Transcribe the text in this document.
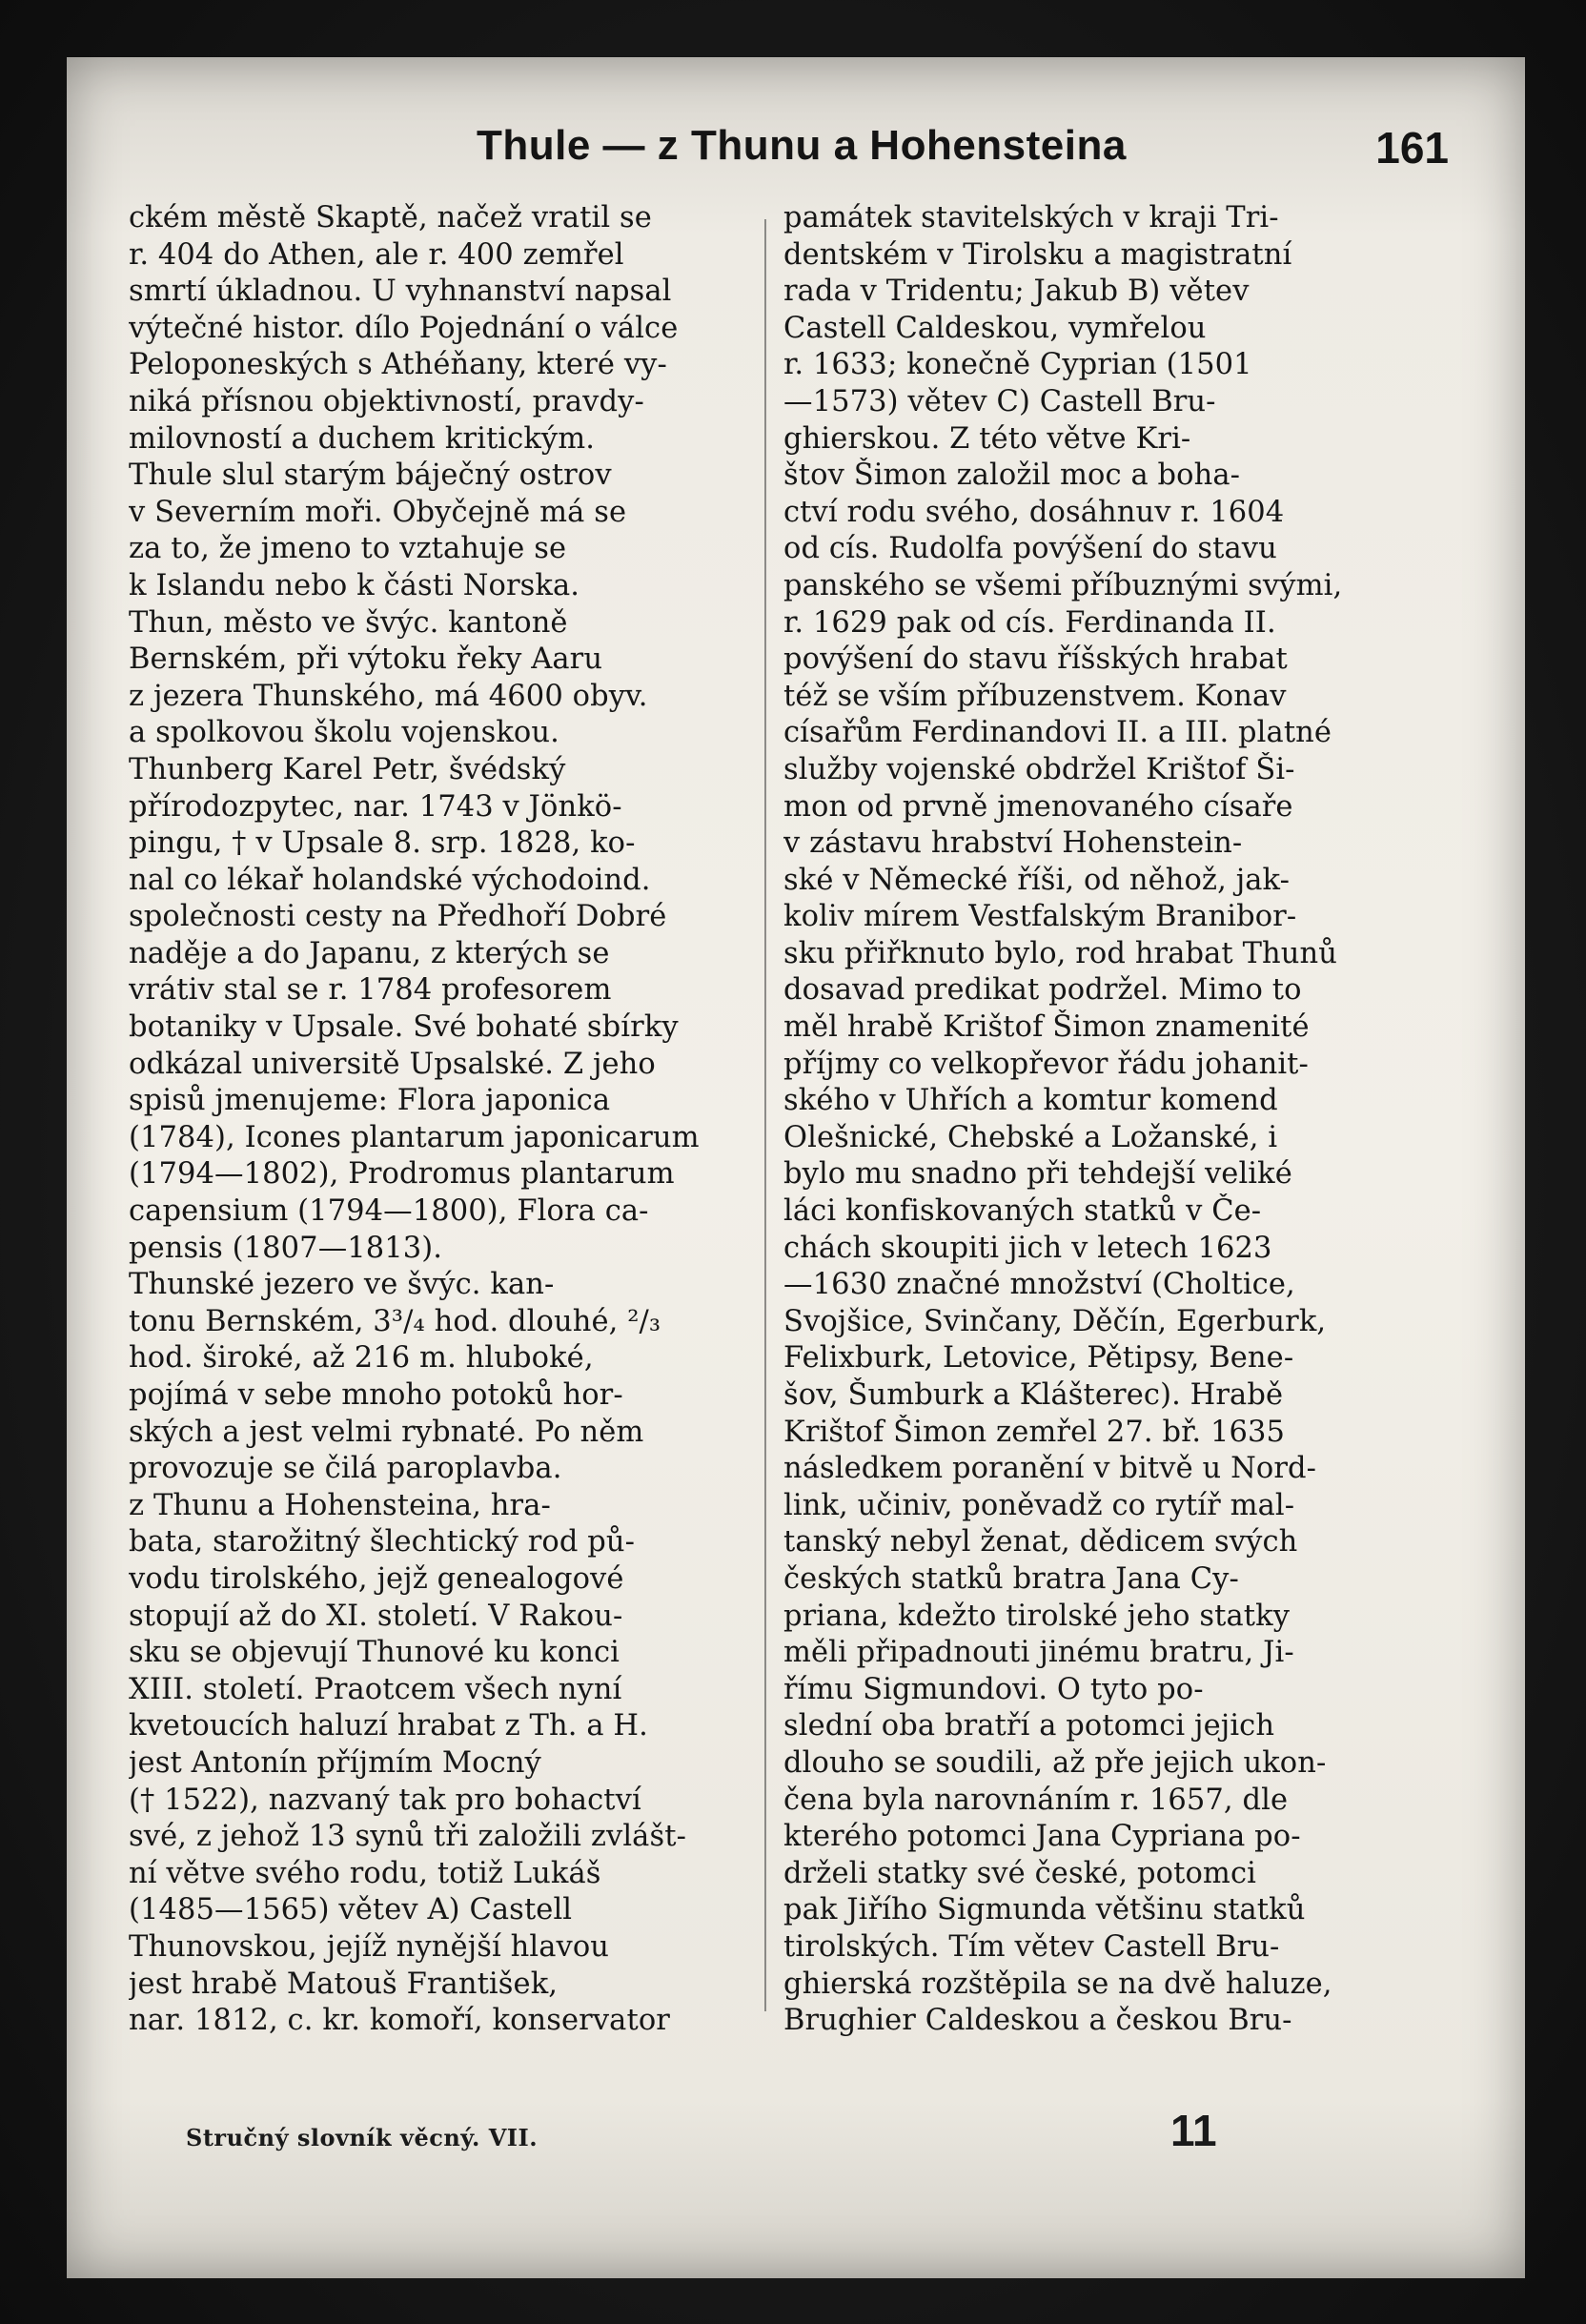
Thule — z Thunu a Hohensteina	161
ckém městě Skaptě, načež vratil se
r. 404 do Athen, ale r. 400 zemřel
smrtí úkladnou. U vyhnanství napsal
výtečné histor. dílo Pojednání o válce
Peloponeských s Athéňany, které vy-
niká přísnou objektivností, pravdy-
milovností a duchem kritickým.
Thule slul starým báječný ostrov
v Severním moři. Obyčejně má se
za to, že jmeno to vztahuje se
k Islandu nebo k části Norska.
Thun, město ve švýc. kantoně
Bernském, při výtoku řeky Aaru
z jezera Thunského, má 4600 obyv.
a spolkovou školu vojenskou.
Thunberg Karel Petr, švédský
přírodozpytec, nar. 1743 v Jönkö-
pingu, † v Upsale 8. srp. 1828, ko-
nal co lékař holandské východoind.
společnosti cesty na Předhoří Dobré
naděje a do Japanu, z kterých se
vrátiv stal se r. 1784 profesorem
botaniky v Upsale. Své bohaté sbírky
odkázal universitě Upsalské. Z jeho
spisů jmenujeme: Flora japonica
(1784), Icones plantarum japonicarum
(1794—1802), Prodromus plantarum
capensium (1794—1800), Flora ca-
pensis (1807—1813).
Thunské jezero ve švýc. kan-
tonu Bernském, 3³/₄ hod. dlouhé, ²/₃
hod. široké, až 216 m. hluboké,
pojímá v sebe mnoho potoků hor-
ských a jest velmi rybnaté. Po něm
provozuje se čilá paroplavba.
z Thunu a Hohensteina, hra-
bata, starožitný šlechtický rod pů-
vodu tirolského, jejž genealogové
stopují až do XI. století. V Rakou-
sku se objevují Thunové ku konci
XIII. století. Praotcem všech nyní
kvetoucích haluzí hrabat z Th. a H.
jest Antonín příjmím Mocný
(† 1522), nazvaný tak pro bohactví
své, z jehož 13 synů tři založili zvlášt-
ní větve svého rodu, totiž Lukáš
(1485—1565) větev A) Castell
Thunovskou, jejíž nynější hlavou
jest hrabě Matouš František,
nar. 1812, c. kr. komoří, konservator
památek stavitelských v kraji Tri-
dentském v Tirolsku a magistratní
rada v Tridentu; Jakub B) větev
Castell Caldeskou, vymřelou
r. 1633; konečně Cyprian (1501
—1573) větev C) Castell Bru-
ghierskou. Z této větve Kri-
štov Šimon založil moc a boha-
ctví rodu svého, dosáhnuv r. 1604
od cís. Rudolfa povýšení do stavu
panského se všemi příbuznými svými,
r. 1629 pak od cís. Ferdinanda II.
povýšení do stavu říšských hrabat
též se vším příbuzenstvem. Konav
císařům Ferdinandovi II. a III. platné
služby vojenské obdržel Krištof Ši-
mon od prvně jmenovaného císaře
v zástavu hrabství Hohenstein-
ské v Německé říši, od něhož, jak-
koliv mírem Vestfalským Branibor-
sku přiřknuto bylo, rod hrabat Thunů
dosavad predikat podržel. Mimo to
měl hrabě Krištof Šimon znamenité
příjmy co velkopřevor řádu johanit-
ského v Uhřích a komtur komend
Olešnické, Chebské a Ložanské, i
bylo mu snadno při tehdejší veliké
láci konfiskovaných statků v Če-
chách skoupiti jich v letech 1623
—1630 značné množství (Choltice,
Svojšice, Svinčany, Děčín, Egerburk,
Felixburk, Letovice, Pětipsy, Bene-
šov, Šumburk a Klášterec). Hrabě
Krištof Šimon zemřel 27. bř. 1635
následkem poranění v bitvě u Nord-
link, učiniv, poněvadž co rytíř mal-
tanský nebyl ženat, dědicem svých
českých statků bratra Jana Cy-
priana, kdežto tirolské jeho statky
měli připadnouti jinému bratru, Ji-
římu Sigmundovi. O tyto po-
slední oba bratří a potomci jejich
dlouho se soudili, až pře jejich ukon-
čena byla narovnáním r. 1657, dle
kterého potomci Jana Cypriana po-
drželi statky své české, potomci
pak Jiřího Sigmunda většinu statků
tirolských. Tím větev Castell Bru-
ghierská rozštěpila se na dvě haluze,
Brughier Caldeskou a českou Bru-
Stručný slovník věcný. VII.	11
